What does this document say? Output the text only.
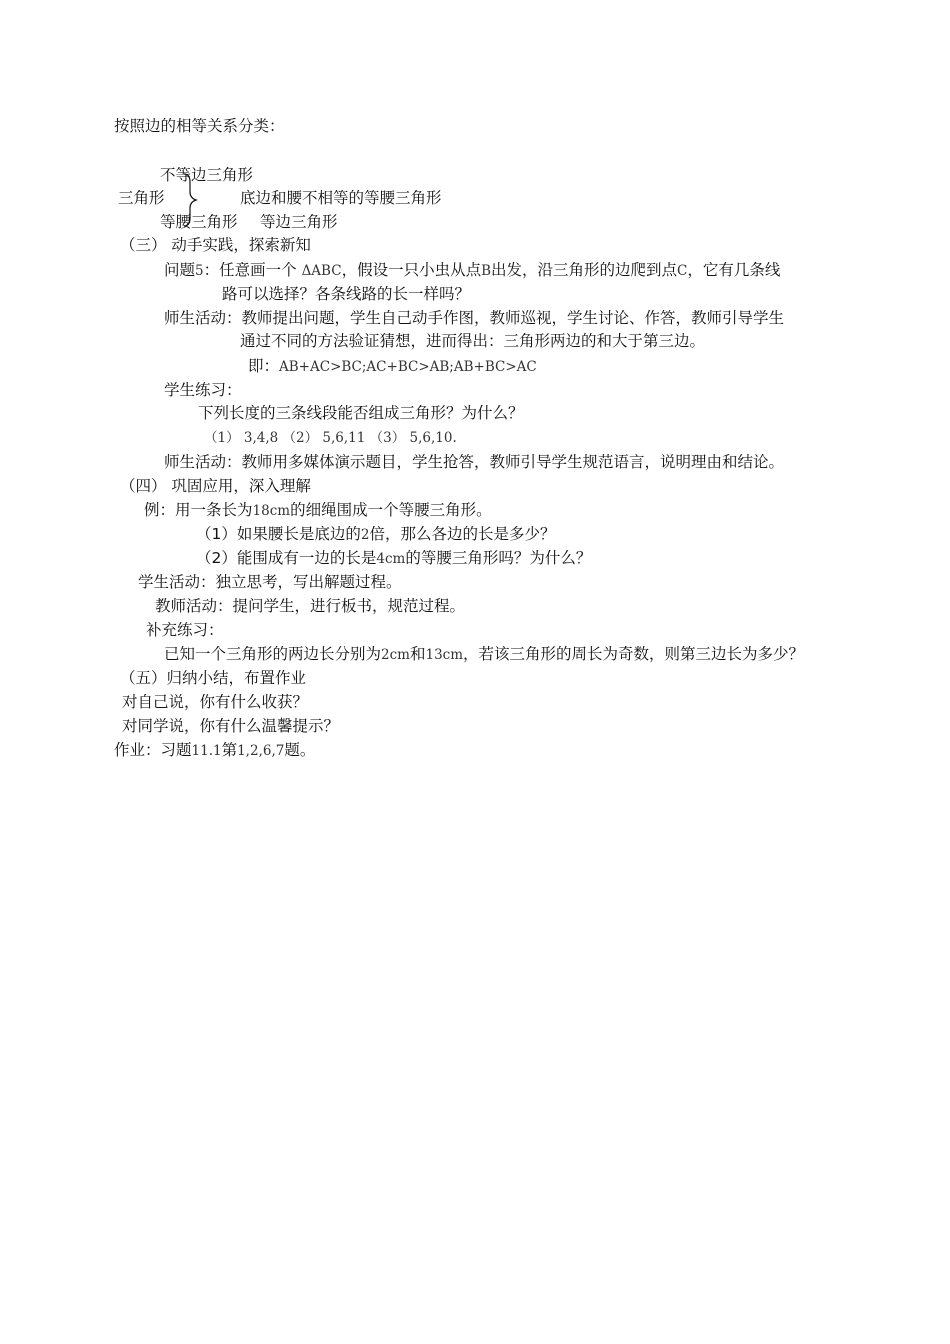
按照边的相等关系分类：
不等边三角形
三角形	底边和腰不相等的等腰三角形
等腰三角形 等边三角形
（三） 动手实践，探索新知
问题5：任意画一个 ΔABC，假设一只小虫从点B出发，沿三角形的边爬到点C，它有几条线
路可以选择？各条线路的长一样吗？
师生活动：教师提出问题，学生自己动手作图，教师巡视，学生讨论、作答，教师引导学生
通过不同的方法验证猜想，进而得出：三角形两边的和大于第三边。
即：AB+AC>BC;AC+BC>AB;AB+BC>AC
学生练习：
下列长度的三条线段能否组成三角形？为什么？
（1） 3,4,8 （2） 5,6,11 （3） 5,6,10.
师生活动：教师用多媒体演示题目，学生抢答，教师引导学生规范语言，说明理由和结论。
（四） 巩固应用，深入理解
例：用一条长为18cm的细绳围成一个等腰三角形。
（1）如果腰长是底边的2倍，那么各边的长是多少？
（2）能围成有一边的长是4cm的等腰三角形吗？为什么？
学生活动：独立思考，写出解题过程。
教师活动：提问学生，进行板书，规范过程。
补充练习：
已知一个三角形的两边长分别为2cm和13cm，若该三角形的周长为奇数，则第三边长为多少？
（五）归纳小结，布置作业
对自己说，你有什么收获？
对同学说，你有什么温馨提示？
作业：习题11.1第1,2,6,7题。
